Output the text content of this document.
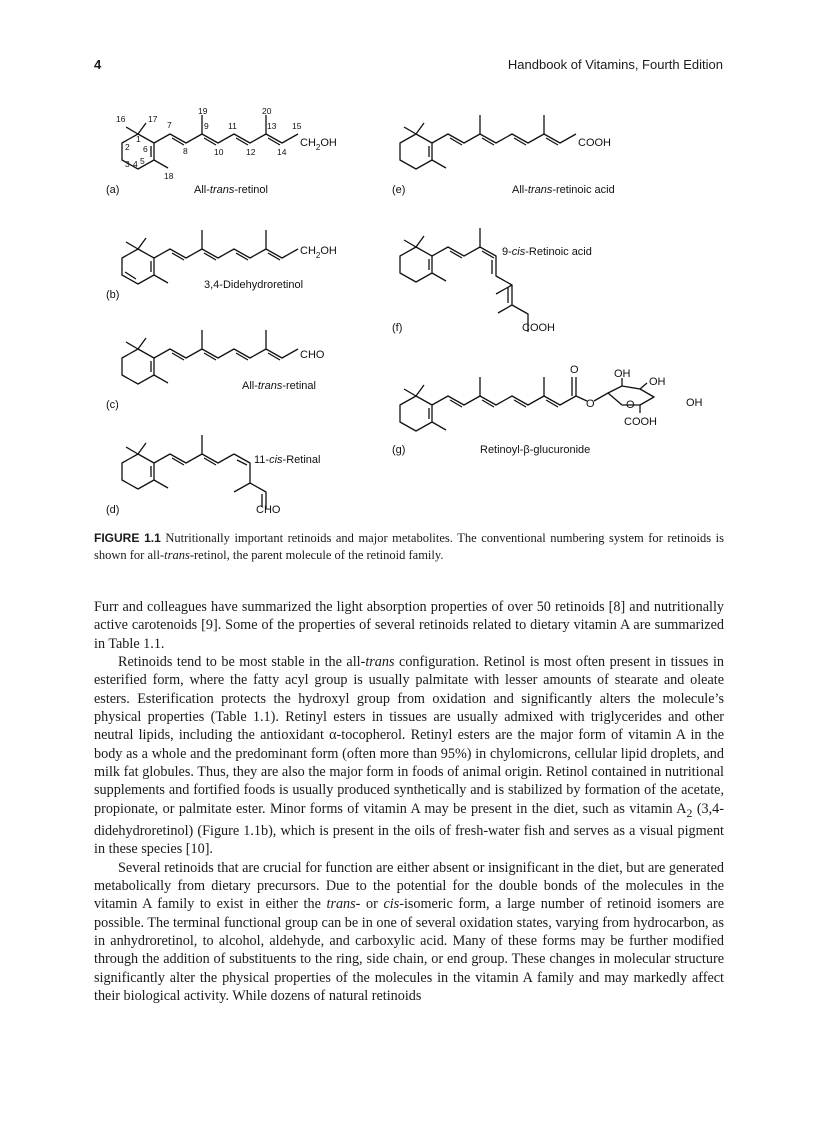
4	Handbook of Vitamins, Fourth Edition
$CH_2OH$
16	17
7
19
9 11
20
13 15
8	10	12	14
2
1
6
3 4 5
18
(a)	All-trans-retinol
$CH_2OH$
3,4-Didehydroretinol
(b)
CHO
All-trans-retinal
(c)
11-cis-Retinal
CHO
(d)
COOH
(e)	All-trans-retinoic acid
9-cis-Retinoic acid
(f)	COOH
O
O	O
OH
OH
OH
COOH
(g)	Retinoyl-β-glucuronide
FIGURE 1.1 Nutritionally important retinoids and major metabolites. The conventional numbering system for retinoids is shown for all-trans-retinol, the parent molecule of the retinoid family.

Furr and colleagues have summarized the light absorption properties of over 50 retinoids [8] and nutritionally active carotenoids [9]. Some of the properties of several retinoids related to dietary vitamin A are summarized in Table 1.1.

Retinoids tend to be most stable in the all-trans configuration. Retinol is most often present in tissues in esterified form, where the fatty acyl group is usually palmitate with lesser amounts of stearate and oleate esters. Esterification protects the hydroxyl group from oxidation and significantly alters the molecule’s physical properties (Table 1.1). Retinyl esters in tissues are usually admixed with triglycerides and other neutral lipids, including the antioxidant α-tocopherol. Retinyl esters are the major form of vitamin A in the body as a whole and the predominant form (often more than 95%) in chylomicrons, cellular lipid droplets, and milk fat globules. Thus, they are also the major form in foods of animal origin. Retinol contained in nutritional supplements and fortified foods is usually produced synthetically and is stabilized by formation of the acetate, propionate, or palmitate ester. Minor forms of vitamin A may be present in the diet, such as vitamin $A_2$ (3,4-didehydroretinol) (Figure 1.1b), which is present in the oils of fresh-water fish and serves as a visual pigment in these species [10].

Several retinoids that are crucial for function are either absent or insignificant in the diet, but are generated metabolically from dietary precursors. Due to the potential for the double bonds of the molecules in the vitamin A family to exist in either the trans- or cis-isomeric form, a large number of retinoid isomers are possible. The terminal functional group can be in one of several oxidation states, varying from hydrocarbon, as in anhydroretinol, to alcohol, aldehyde, and carboxylic acid. Many of these forms may be further modified through the addition of substituents to the ring, side chain, or end group. These changes in molecular structure significantly alter the physical properties of the molecules in the vitamin A family and may markedly affect their biological activity. While dozens of natural retinoids
